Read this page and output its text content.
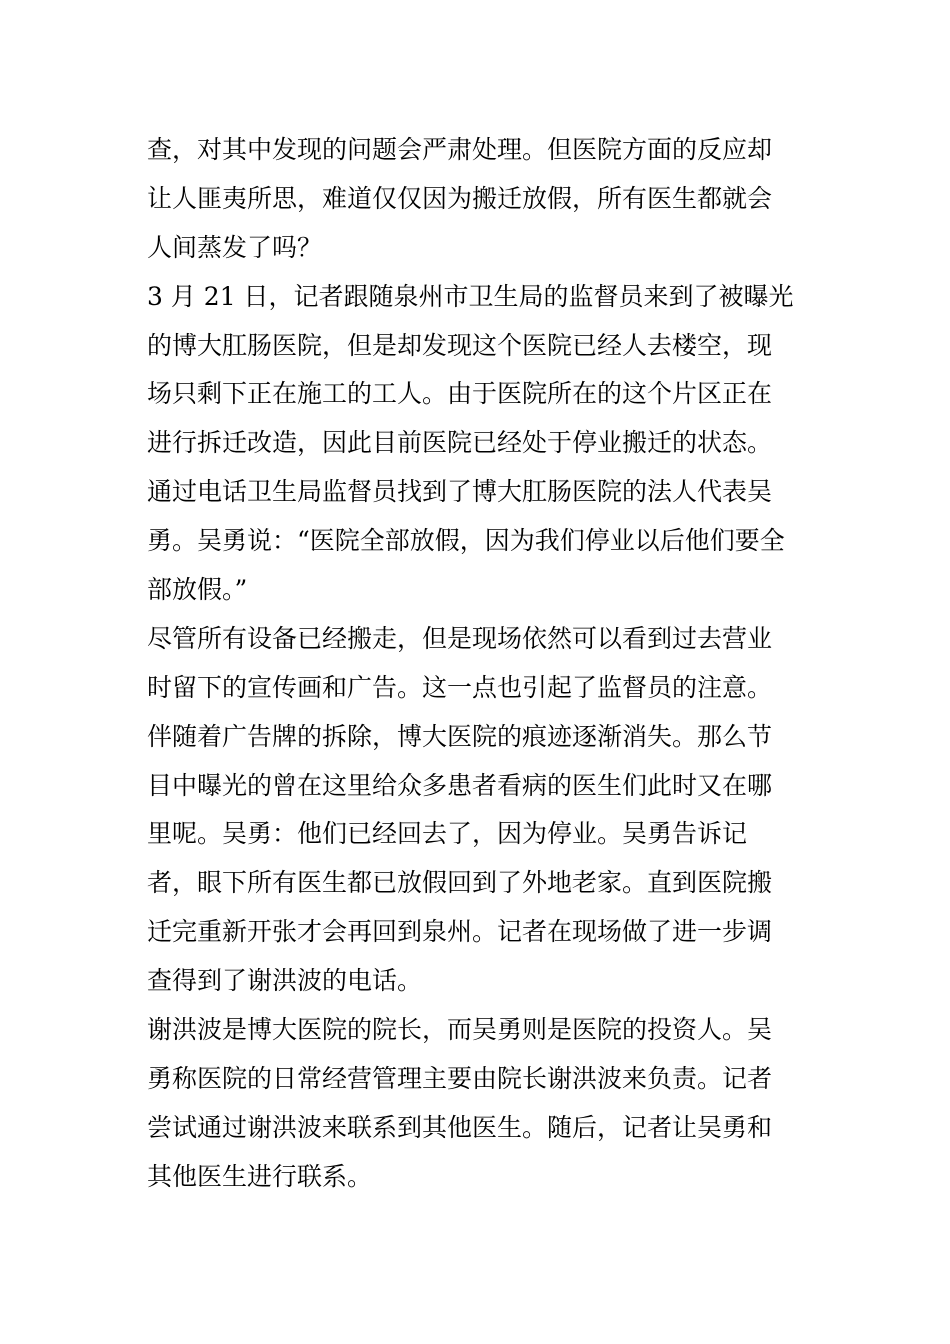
查，对其中发现的问题会严肃处理。但医院方面的反应却
让人匪夷所思，难道仅仅因为搬迁放假，所有医生都就会
人间蒸发了吗？
3 月 21 日，记者跟随泉州市卫生局的监督员来到了被曝光
的博大肛肠医院，但是却发现这个医院已经人去楼空，现
场只剩下正在施工的工人。由于医院所在的这个片区正在
进行拆迁改造，因此目前医院已经处于停业搬迁的状态。
通过电话卫生局监督员找到了博大肛肠医院的法人代表吴
勇。吴勇说：“医院全部放假，因为我们停业以后他们要全
部放假。”
尽管所有设备已经搬走，但是现场依然可以看到过去营业
时留下的宣传画和广告。这一点也引起了监督员的注意。
伴随着广告牌的拆除，博大医院的痕迹逐渐消失。那么节
目中曝光的曾在这里给众多患者看病的医生们此时又在哪
里呢。吴勇：他们已经回去了，因为停业。吴勇告诉记
者，眼下所有医生都已放假回到了外地老家。直到医院搬
迁完重新开张才会再回到泉州。记者在现场做了进一步调
查得到了谢洪波的电话。
谢洪波是博大医院的院长，而吴勇则是医院的投资人。吴
勇称医院的日常经营管理主要由院长谢洪波来负责。记者
尝试通过谢洪波来联系到其他医生。随后，记者让吴勇和
其他医生进行联系。
